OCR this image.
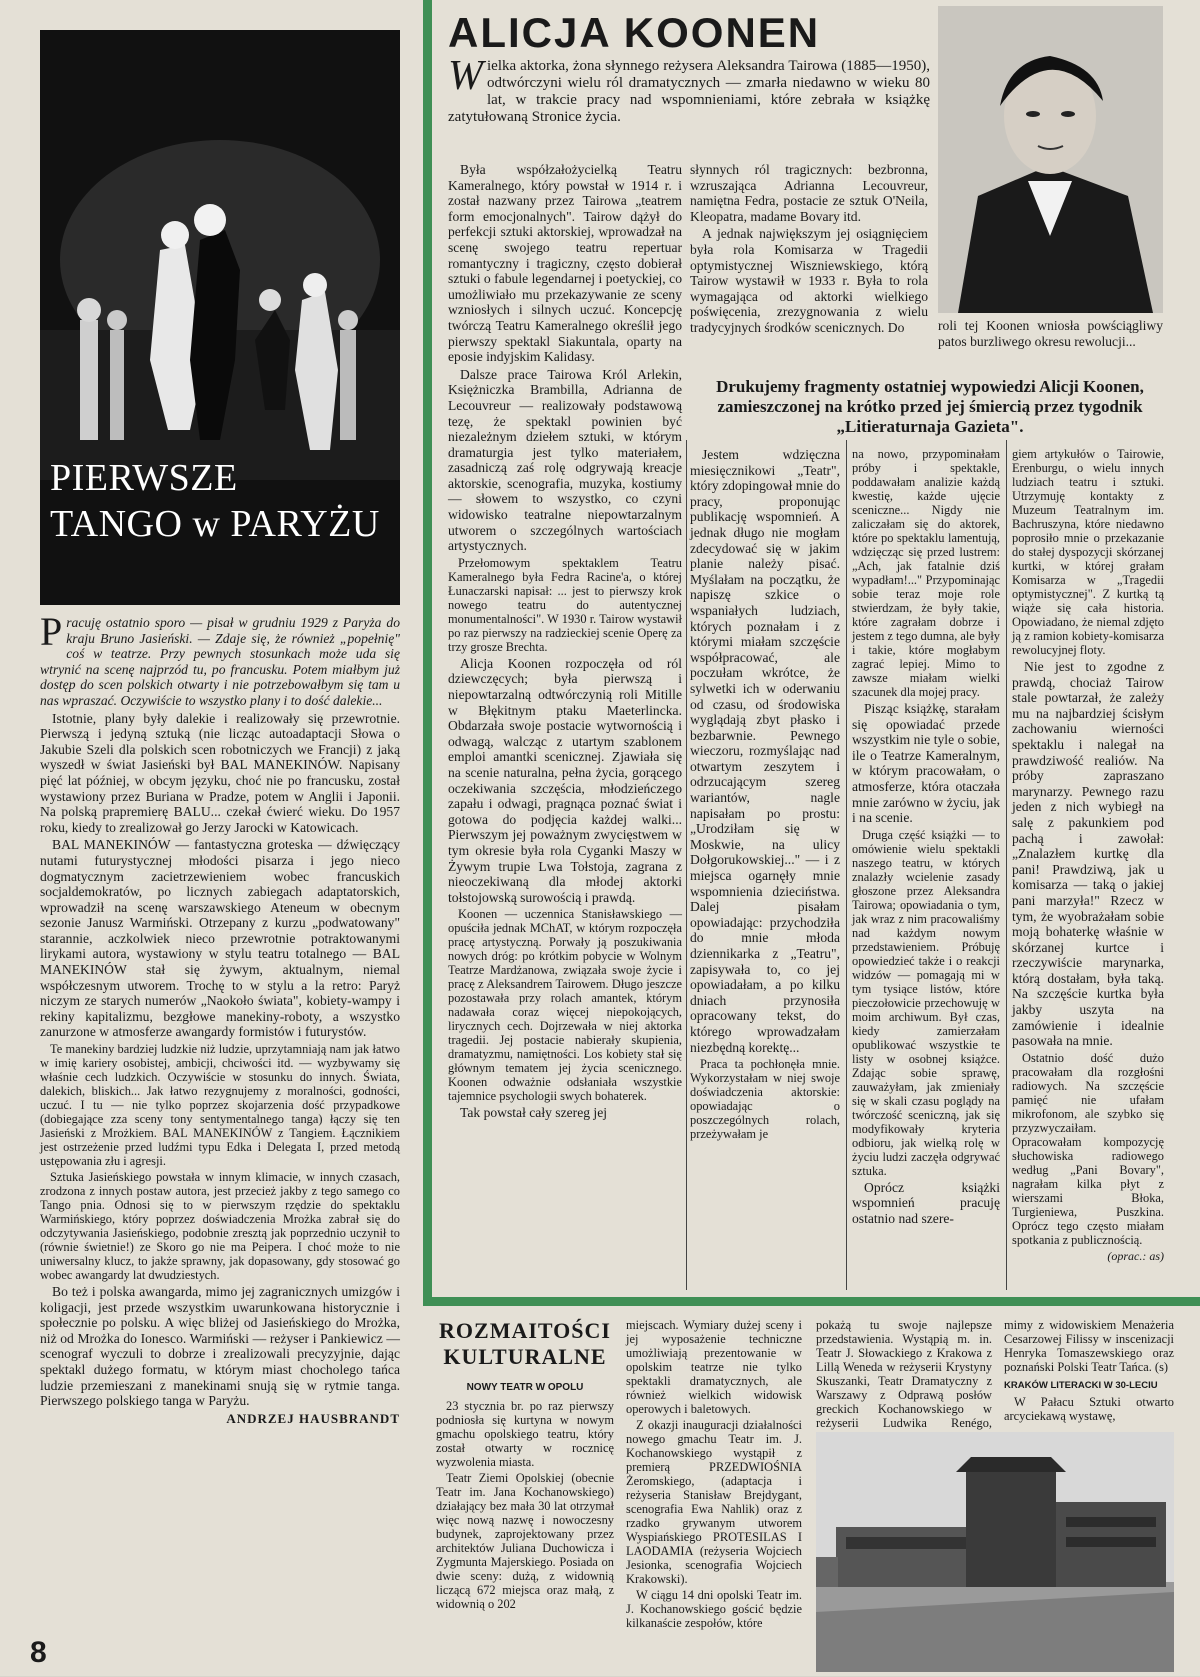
PIERWSZE
TANGO w PARYŻU

Pracuję ostatnio sporo — pisał w grudniu 1929 z Paryża do kraju Bruno Jasieński. — Zdaje się, że również „popełnię" coś w teatrze. Przy pewnych stosunkach może uda się wtrynić na scenę najprzód tu, po francusku. Potem miałbym już dostęp do scen polskich otwarty i nie potrzebowałbym się tam u nas wpraszać. Oczywiście to wszystko plany i to dość dalekie...

Istotnie, plany były dalekie i realizowały się przewrotnie. Pierwszą i jedyną sztuką (nie licząc autoadaptacji Słowa o Jakubie Szeli dla polskich scen robotniczych we Francji) z jaką wyszedł w świat Jasieński był BAL MANEKINÓW. Napisany pięć lat później, w obcym języku, choć nie po francusku, został wystawiony przez Buriana w Pradze, potem w Anglii i Japonii. Na polską prapremierę BALU... czekał ćwierć wieku. Do 1957 roku, kiedy to zrealizował go Jerzy Jarocki w Katowicach.

BAL MANEKINÓW — fantastyczna groteska — dźwięczący nutami futurystycznej młodości pisarza i jego nieco dogmatycznym zacietrzewieniem wobec francuskich socjaldemokratów, po licznych zabiegach adaptatorskich, wprowadził na scenę warszawskiego Ateneum w obecnym sezonie Janusz Warmiński. Otrzepany z kurzu „podwatowany" starannie, aczkolwiek nieco przewrotnie potraktowanymi lirykami autora, wystawiony w stylu teatru totalnego — BAL MANEKINÓW stał się żywym, aktualnym, niemal współczesnym utworem. Trochę to w stylu a la retro: Paryż niczym ze starych numerów „Naokoło świata", kobiety-wampy i rekiny kapitalizmu, bezgłowe manekiny-roboty, a wszystko zanurzone w atmosferze awangardy formistów i futurystów.

Te manekiny bardziej ludzkie niż ludzie, uprzytamniają nam jak łatwo w imię kariery osobistej, ambicji, chciwości itd. — wyzbywamy się właśnie cech ludzkich. Oczywiście w stosunku do innych. Świata, dalekich, bliskich... Jak łatwo rezygnujemy z moralności, godności, uczuć. I tu — nie tylko poprzez skojarzenia dość przypadkowe (dobiegające zza sceny tony sentymentalnego tanga) łączy się ten Jasieński z Mrożkiem. BAL MANEKINÓW z Tangiem. Łącznikiem jest ostrzeżenie przed ludźmi typu Edka i Delegata I, przed metodą ustępowania złu i agresji.

Sztuka Jasieńskiego powstała w innym klimacie, w innych czasach, zrodzona z innych postaw autora, jest przecież jakby z tego samego co Tango pnia. Odnosi się to w pierwszym rzędzie do spektaklu Warmińskiego, który poprzez doświadczenia Mrożka zabrał się do odczytywania Jasieńskiego, podobnie zresztą jak poprzednio uczynił to (równie świetnie!) ze Skoro go nie ma Peipera. I choć może to nie uniwersalny klucz, to jakże sprawny, jak dopasowany, gdy stosować go wobec awangardy lat dwudziestych.

Bo też i polska awangarda, mimo jej zagranicznych umizgów i koligacji, jest przede wszystkim uwarunkowana historycznie i społecznie po polsku. A więc bliżej od Jasieńskiego do Mrożka, niż od Mrożka do Ionesco. Warmiński — reżyser i Pankiewicz — scenograf wyczuli to dobrze i zrealizowali precyzyjnie, dając spektakl dużego formatu, w którym miast chocholego tańca ludzie przemieszani z manekinami snują się w rytmie tanga. Pierwszego polskiego tanga w Paryżu.

ANDRZEJ HAUSBRANDT
8
ALICJA KOONEN

Wielka aktorka, żona słynnego reżysera Aleksandra Tairowa (1885—1950), odtwórczyni wielu ról dramatycznych — zmarła niedawno w wieku 80 lat, w trakcie pracy nad wspomnieniami, które zebrała w książkę zatytułowaną Stronice życia.

Była współzałożycielką Teatru Kameralnego, który powstał w 1914 r. i został nazwany przez Tairowa „teatrem form emocjonalnych". Tairow dążył do perfekcji sztuki aktorskiej, wprowadzał na scenę swojego teatru repertuar romantyczny i tragiczny, często dobierał sztuki o fabule legendarnej i poetyckiej, co umożliwiało mu przekazywanie ze sceny wzniosłych i silnych uczuć. Koncepcję twórczą Teatru Kameralnego określił jego pierwszy spektakl Siakuntala, oparty na eposie indyjskim Kalidasy.

Dalsze prace Tairowa Król Arlekin, Księżniczka Brambilla, Adrianna de Lecouvreur — realizowały podstawową tezę, że spektakl powinien być niezależnym dziełem sztuki, w którym dramaturgia jest tylko materiałem, zasadniczą zaś rolę odgrywają kreacje aktorskie, scenografia, muzyka, kostiumy — słowem to wszystko, co czyni widowisko teatralne niepowtarzalnym utworem o szczególnych wartościach artystycznych.

Przełomowym spektaklem Teatru Kameralnego była Fedra Racine'a, o której Łunaczarski napisał: ... jest to pierwszy krok nowego teatru do autentycznej monumentalności". W 1930 r. Tairow wystawił po raz pierwszy na radzieckiej scenie Operę za trzy grosze Brechta.

Alicja Koonen rozpoczęła od ról dziewczęcych; była pierwszą i niepowtarzalną odtwórczynią roli Mitille w Błękitnym ptaku Maeterlincka. Obdarzała swoje postacie wytwornością i odwagą, walcząc z utartym szablonem emploi amantki scenicznej. Zjawiała się na scenie naturalna, pełna życia, gorącego oczekiwania szczęścia, młodzieńczego zapału i odwagi, pragnąca poznać świat i gotowa do podjęcia każdej walki... Pierwszym jej poważnym zwycięstwem w tym okresie była rola Cyganki Maszy w Żywym trupie Lwa Tołstoja, zagrana z nieoczekiwaną dla młodej aktorki tołstojowską surowością i prawdą.

Koonen — uczennica Stanisławskiego — opuściła jednak MChAT, w którym rozpoczęła pracę artystyczną. Porwały ją poszukiwania nowych dróg: po krótkim pobycie w Wolnym Teatrze Mardżanowa, związała swoje życie i pracę z Aleksandrem Tairowem. Długo jeszcze pozostawała przy rolach amantek, którym nadawała coraz więcej niepokojących, lirycznych cech. Dojrzewała w niej aktorka tragedii. Jej postacie nabierały skupienia, dramatyzmu, namiętności. Los kobiety stał się głównym tematem jej życia scenicznego. Koonen odważnie odsłaniała wszystkie tajemnice psychologii swych bohaterek.

Tak powstał cały szereg jej

słynnych ról tragicznych: bezbronna, wzruszająca Adrianna Lecouvreur, namiętna Fedra, postacie ze sztuk O'Neila, Kleopatra, madame Bovary itd.

A jednak największym jej osiągnięciem była rola Komisarza w Tragedii optymistycznej Wiszniewskiego, którą Tairow wystawił w 1933 r. Była to rola wymagająca od aktorki wielkiego poświęcenia, zrezygnowania z wielu tradycyjnych środków scenicznych. Do	roli tej Koonen wniosła powściągliwy patos burzliwego okresu rewolucji...
Drukujemy fragmenty ostatniej wypowiedzi Alicji Koonen, zamieszczonej na krótko przed jej śmiercią przez tygodnik „Litieraturnaja Gazieta".

Jestem wdzięczna miesięcznikowi „Teatr", który zdopingował mnie do pracy, proponując publikację wspomnień. A jednak długo nie mogłam zdecydować się w jakim planie należy pisać. Myślałam na początku, że napiszę szkice o wspaniałych ludziach, których poznałam i z którymi miałam szczęście współpracować, ale poczułam wkrótce, że sylwetki ich w oderwaniu od czasu, od środowiska wyglądają zbyt płasko i bezbarwnie. Pewnego wieczoru, rozmyślając nad otwartym zeszytem i odrzucającym szereg wariantów, nagle napisałam po prostu: „Urodziłam się w Moskwie, na ulicy Dołgorukowskiej..." — i z miejsca ogarnęły mnie wspomnienia dzieciństwa. Dalej pisałam opowiadając: przychodziła do mnie młoda dziennikarka z „Teatru", zapisywała to, co jej opowiadałam, a po kilku dniach przynosiła opracowany tekst, do którego wprowadzałam niezbędną korektę...

Praca ta pochłonęła mnie. Wykorzystałam w niej swoje doświadczenia aktorskie: opowiadając o poszczególnych rolach, przeżywałam je

na nowo, przypominałam próby i spektakle, poddawałam analizie każdą kwestię, każde ujęcie sceniczne... Nigdy nie zaliczałam się do aktorek, które po spektaklu lamentują, wdzięcząc się przed lustrem: „Ach, jak fatalnie dziś wypadłam!..." Przypominając sobie teraz moje role stwierdzam, że były takie, które zagrałam dobrze i jestem z tego dumna, ale były i takie, które mogłabym zagrać lepiej. Mimo to zawsze miałam wielki szacunek dla mojej pracy.

Pisząc książkę, starałam się opowiadać przede wszystkim nie tyle o sobie, ile o Teatrze Kameralnym, w którym pracowałam, o atmosferze, która otaczała mnie zarówno w życiu, jak i na scenie.

Druga część książki — to omówienie wielu spektakli naszego teatru, w których znalazły wcielenie zasady głoszone przez Aleksandra Tairowa; opowiadania o tym, jak wraz z nim pracowaliśmy nad każdym nowym przedstawieniem. Próbuję opowiedzieć także i o reakcji widzów — pomagają mi w tym tysiące listów, które pieczołowicie przechowuję w moim archiwum. Był czas, kiedy zamierzałam opublikować wszystkie te listy w osobnej książce. Zdając sobie sprawę, zauważyłam, jak zmieniały się w skali czasu poglądy na twórczość sceniczną, jak się modyfikowały kryteria odbioru, jak wielką rolę w życiu ludzi zaczęła odgrywać sztuka.

Oprócz książki wspomnień pracuję ostatnio nad szere-

giem artykułów o Tairowie, Erenburgu, o wielu innych ludziach teatru i sztuki. Utrzymuję kontakty z Muzeum Teatralnym im. Bachruszyna, które niedawno poprosiło mnie o przekazanie do stałej dyspozycji skórzanej kurtki, w której grałam Komisarza w „Tragedii optymistycznej". Z kurtką tą wiąże się cała historia. Opowiadano, że niemal zdjęto ją z ramion kobiety-komisarza rewolucyjnej floty.

Nie jest to zgodne z prawdą, chociaż Tairow stale powtarzał, że zależy mu na najbardziej ścisłym zachowaniu wierności spektaklu i nalegał na prawdziwość realiów. Na próby zapraszano marynarzy. Pewnego razu jeden z nich wybiegł na salę z pakunkiem pod pachą i zawołał: „Znalazłem kurtkę dla pani! Prawdziwą, jak u komisarza — taką o jakiej pani marzyła!" Rzecz w tym, że wyobrażałam sobie moją bohaterkę właśnie w skórzanej kurtce i rzeczywiście marynarka, którą dostałam, była taką. Na szczęście kurtka była jakby uszyta na zamówienie i idealnie pasowała na mnie.

Ostatnio dość dużo pracowałam dla rozgłośni radiowych. Na szczęście pamięć nie ufałam mikrofonom, ale szybko się przyzwyczaiłam. Opracowałam kompozycję słuchowiska radiowego według „Pani Bovary", nagrałam kilka płyt z wierszami Błoka, Turgieniewa, Puszkina. Oprócz tego często miałam spotkania z publicznością.

(oprac.: as)
ROZMAITOŚCI
KULTURALNE
NOWY TEATR W OPOLU

23 stycznia br. po raz pierwszy podniosła się kurtyna w nowym gmachu opolskiego teatru, który został otwarty w rocznicę wyzwolenia miasta.

Teatr Ziemi Opolskiej (obecnie Teatr im. Jana Kochanowskiego) działający bez mała 30 lat otrzymał więc nową nazwę i nowoczesny budynek, zaprojektowany przez architektów Juliana Duchowicza i Zygmunta Majerskiego. Posiada on dwie sceny: dużą, z widownią liczącą 672 miejsca oraz małą, z widownią o 202

miejscach. Wymiary dużej sceny i jej wyposażenie techniczne umożliwiają prezentowanie w opolskim teatrze nie tylko spektakli dramatycznych, ale również wielkich widowisk operowych i baletowych.

Z okazji inauguracji działalności nowego gmachu Teatr im. J. Kochanowskiego wystąpił z premierą PRZEDWIOŚNIA Żeromskiego, (adaptacja i reżyseria Stanisław Brejdygant, scenografia Ewa Nahlik) oraz z rzadko grywanym utworem Wyspiańskiego PROTESILAS I LAODAMIA (reżyseria Wojciech Jesionka, scenografia Wojciech Krakowski).

W ciągu 14 dni opolski Teatr im. J. Kochanowskiego gościć będzie kilkanaście zespołów, które

pokażą tu swoje najlepsze przedstawienia. Wystąpią m. in. Teatr J. Słowackiego z Krakowa z Lillą Weneda w reżyserii Krystyny Skuszanki, Teatr Dramatyczny z Warszawy z Odprawą posłów greckich Kochanowskiego w reżyserii Ludwika Renégo,

mimy z widowiskiem Menażeria Cesarzowej Filissy w inscenizacji Henryka Tomaszewskiego oraz poznański Polski Teatr Tańca. (s)

KRAKÓW LITERACKI W 30-LECIU

W Pałacu Sztuki otwarto arcyciekawą wystawę,
